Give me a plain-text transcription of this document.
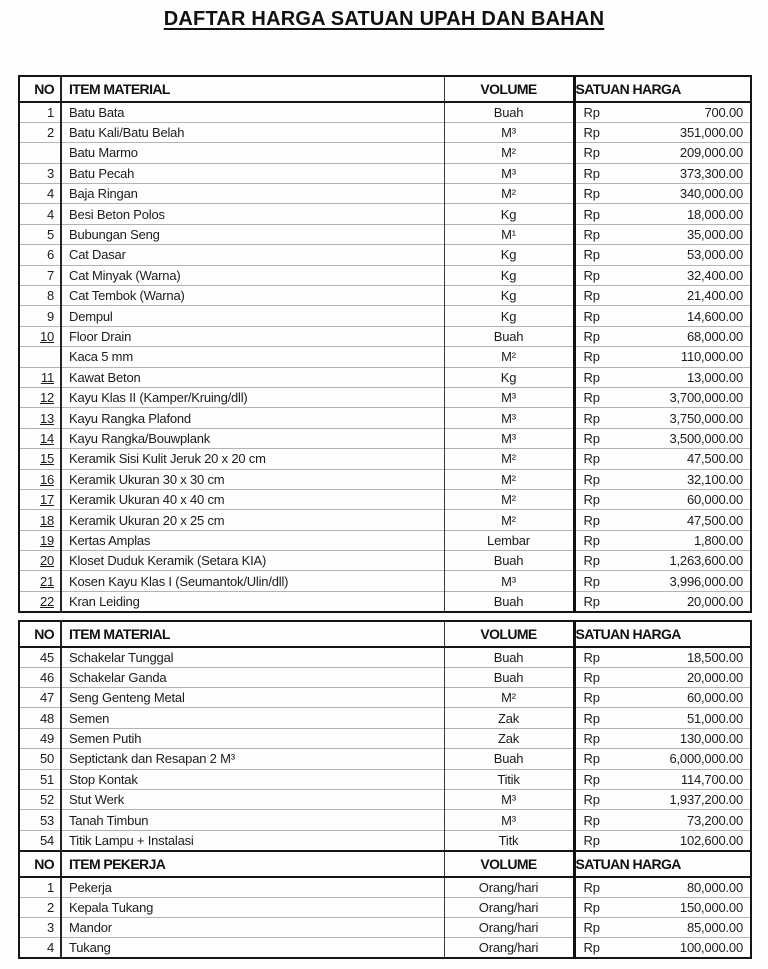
DAFTAR HARGA SATUAN UPAH DAN BAHAN
NO	ITEM MATERIAL	VOLUME	SATUAN HARGA
1	Batu Bata	Buah	Rp 700.00

2	Batu Kali/Batu Belah	M³	Rp 351,000.00

	Batu Marmo	M²	Rp 209,000.00

3	Batu Pecah	M³	Rp 373,300.00

4	Baja Ringan	M²	Rp 340,000.00

4	Besi Beton Polos	Kg	Rp 18,000.00

5	Bubungan Seng	M¹	Rp 35,000.00

6	Cat Dasar	Kg	Rp 53,000.00

7	Cat Minyak (Warna)	Kg	Rp 32,400.00

8	Cat Tembok (Warna)	Kg	Rp 21,400.00

9	Dempul	Kg	Rp 14,600.00

10	Floor Drain	Buah	Rp 68,000.00

	Kaca 5 mm	M²	Rp 110,000.00

11	Kawat Beton	Kg	Rp 13,000.00

12	Kayu Klas II (Kamper/Kruing/dll)	M³	Rp 3,700,000.00

13	Kayu Rangka Plafond	M³	Rp 3,750,000.00

14	Kayu Rangka/Bouwplank	M³	Rp 3,500,000.00

15	Keramik Sisi Kulit Jeruk 20 x 20 cm	M²	Rp 47,500.00

16	Keramik Ukuran 30 x 30 cm	M²	Rp 32,100.00

17	Keramik Ukuran 40 x 40 cm	M²	Rp 60,000.00

18	Keramik Ukuran 20 x 25 cm	M²	Rp 47,500.00

19	Kertas Amplas	Lembar	Rp 1,800.00

20	Kloset Duduk Keramik (Setara KIA)	Buah	Rp 1,263,600.00

21	Kosen Kayu Klas I (Seumantok/Ulin/dll)	M³	Rp 3,996,000.00

22	Kran Leiding	Buah	Rp 20,000.00
NO	ITEM MATERIAL	VOLUME	SATUAN HARGA
45	Schakelar Tunggal	Buah	Rp 18,500.00

46	Schakelar Ganda	Buah	Rp 20,000.00

47	Seng Genteng Metal	M²	Rp 60,000.00

48	Semen	Zak	Rp 51,000.00

49	Semen Putih	Zak	Rp 130,000.00

50	Septictank dan Resapan 2 M³	Buah	Rp 6,000,000.00

51	Stop Kontak	Titik	Rp 114,700.00

52	Stut Werk	M³	Rp 1,937,200.00

53	Tanah Timbun	M³	Rp 73,200.00

54	Titik Lampu + Instalasi	Titk	Rp 102,600.00
NO	ITEM PEKERJA	VOLUME	SATUAN HARGA
1	Pekerja	Orang/hari	Rp 80,000.00

2	Kepala Tukang	Orang/hari	Rp 150,000.00

3	Mandor	Orang/hari	Rp 85,000.00

4	Tukang	Orang/hari	Rp 100,000.00
